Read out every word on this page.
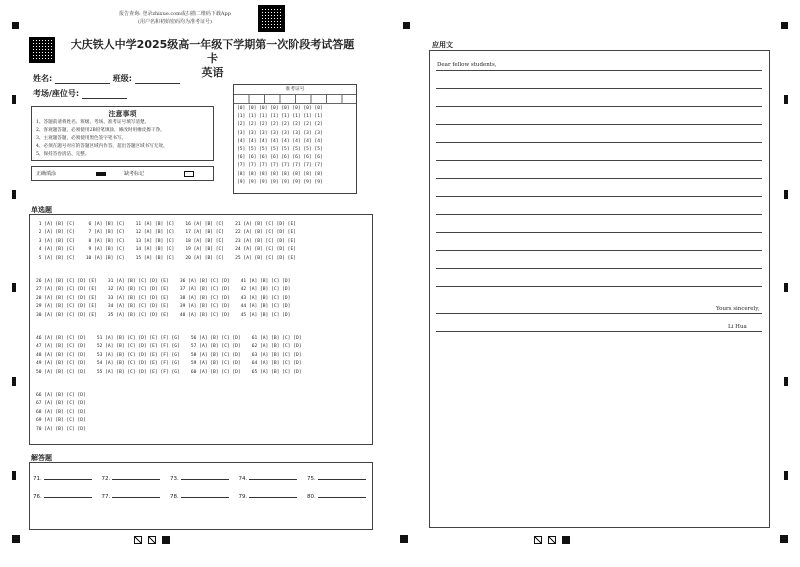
报告查询: 登录zhixue.com或扫描二维码下载App
(用户名和初始密码均为准考证号)
大庆铁人中学2025级高一年级下学期第一次阶段考试答题卡
英语
姓名:	班级:
考场/座位号:
注意事项
1、答题前请将姓名、班级、考场、准考证号填写清楚。
2、客观题答题，必须使用2B铅笔填涂，修改时用橡皮擦干净。
3、主观题答题，必须使用黑色签字笔书写。
4、必须在题号对应的答题区域内作答，超出答题区域书写无效。
5、保持答卷清洁、完整。
正确填涂	缺考标记
准考证号
[0] [0] [0] [0] [0] [0] [0] [0]
[1] [1] [1] [1] [1] [1] [1] [1]
[2] [2] [2] [2] [2] [2] [2] [2]
[3] [3] [3] [3] [3] [3] [3] [3]
[4] [4] [4] [4] [4] [4] [4] [4]
[5] [5] [5] [5] [5] [5] [5] [5]
[6] [6] [6] [6] [6] [6] [6] [6]
[7] [7] [7] [7] [7] [7] [7] [7]
[8] [8] [8] [8] [8] [8] [8] [8]
[9] [9] [9] [9] [9] [9] [9] [9]
单选题
1 [A] [B] [C]     6 [A] [B] [C]    11 [A] [B] [C]    16 [A] [B] [C]    21 [A] [B] [C] [D] [E]
2 [A] [B] [C]     7 [A] [B] [C]    12 [A] [B] [C]    17 [A] [B] [C]    22 [A] [B] [C] [D] [E]
3 [A] [B] [C]     8 [A] [B] [C]    13 [A] [B] [C]    18 [A] [B] [C]    23 [A] [B] [C] [D] [E]
4 [A] [B] [C]     9 [A] [B] [C]    14 [A] [B] [C]    19 [A] [B] [C]    24 [A] [B] [C] [D] [E]
5 [A] [B] [C]    10 [A] [B] [C]    15 [A] [B] [C]    20 [A] [B] [C]    25 [A] [B] [C] [D] [E]
26 [A] [B] [C] [D] [E]    31 [A] [B] [C] [D] [E]    36 [A] [B] [C] [D]    41 [A] [B] [C] [D]
27 [A] [B] [C] [D] [E]    32 [A] [B] [C] [D] [E]    37 [A] [B] [C] [D]    42 [A] [B] [C] [D]
28 [A] [B] [C] [D] [E]    33 [A] [B] [C] [D] [E]    38 [A] [B] [C] [D]    43 [A] [B] [C] [D]
29 [A] [B] [C] [D] [E]    34 [A] [B] [C] [D] [E]    39 [A] [B] [C] [D]    44 [A] [B] [C] [D]
30 [A] [B] [C] [D] [E]    35 [A] [B] [C] [D] [E]    40 [A] [B] [C] [D]    45 [A] [B] [C] [D]
46 [A] [B] [C] [D]    51 [A] [B] [C] [D] [E] [F] [G]    56 [A] [B] [C] [D]    61 [A] [B] [C] [D]
47 [A] [B] [C] [D]    52 [A] [B] [C] [D] [E] [F] [G]    57 [A] [B] [C] [D]    62 [A] [B] [C] [D]
48 [A] [B] [C] [D]    53 [A] [B] [C] [D] [E] [F] [G]    58 [A] [B] [C] [D]    63 [A] [B] [C] [D]
49 [A] [B] [C] [D]    54 [A] [B] [C] [D] [E] [F] [G]    59 [A] [B] [C] [D]    64 [A] [B] [C] [D]
50 [A] [B] [C] [D]    55 [A] [B] [C] [D] [E] [F] [G]    60 [A] [B] [C] [D]    65 [A] [B] [C] [D]
66 [A] [B] [C] [D]
67 [A] [B] [C] [D]
68 [A] [B] [C] [D]
69 [A] [B] [C] [D]
70 [A] [B] [C] [D]
解答题
71.	72.	73.	74.	75.
76.	77.	78.	79.	80.
应用文
Dear fellow students,
Yours sincerely,
Li Hua
